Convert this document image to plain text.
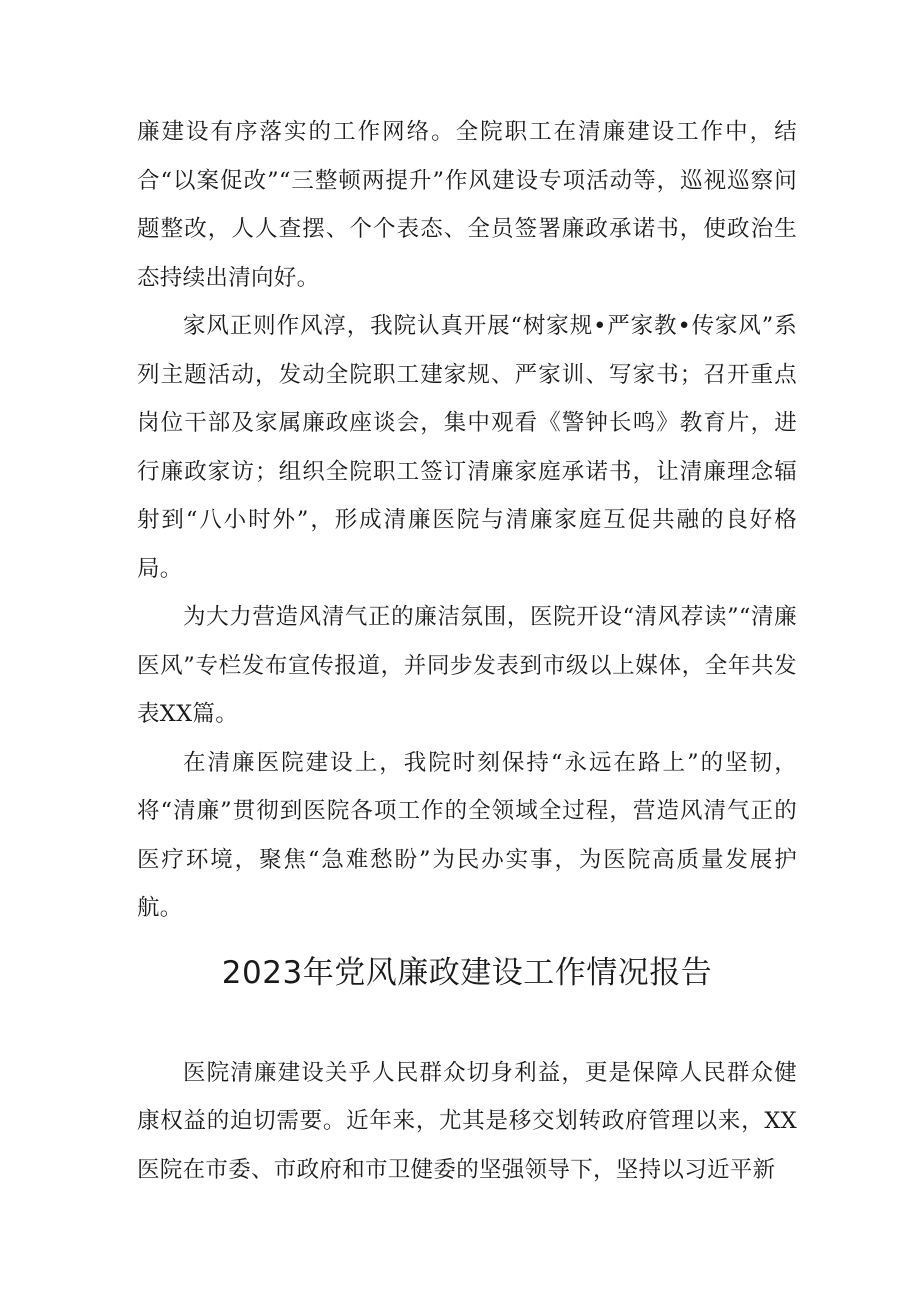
廉建设有序落实的工作网络。全院职工在清廉建设工作中，结合“以案促改”“三整顿两提升”作风建设专项活动等，巡视巡察问题整改，人人查摆、个个表态、全员签署廉政承诺书，使政治生态持续出清向好。

家风正则作风淳，我院认真开展“树家规•严家教•传家风”系列主题活动，发动全院职工建家规、严家训、写家书；召开重点岗位干部及家属廉政座谈会，集中观看《警钟长鸣》教育片，进行廉政家访；组织全院职工签订清廉家庭承诺书，让清廉理念辐射到“八小时外”，形成清廉医院与清廉家庭互促共融的良好格局。

为大力营造风清气正的廉洁氛围，医院开设“清风荐读”“清廉医风”专栏发布宣传报道，并同步发表到市级以上媒体，全年共发表XX篇。

在清廉医院建设上，我院时刻保持“永远在路上”的坚韧，将“清廉”贯彻到医院各项工作的全领域全过程，营造风清气正的医疗环境，聚焦“急难愁盼”为民办实事，为医院高质量发展护航。

2023年党风廉政建设工作情况报告

医院清廉建设关乎人民群众切身利益，更是保障人民群众健康权益的迫切需要。近年来，尤其是移交划转政府管理以来，XX医院在市委、市政府和市卫健委的坚强领导下，坚持以习近平新
